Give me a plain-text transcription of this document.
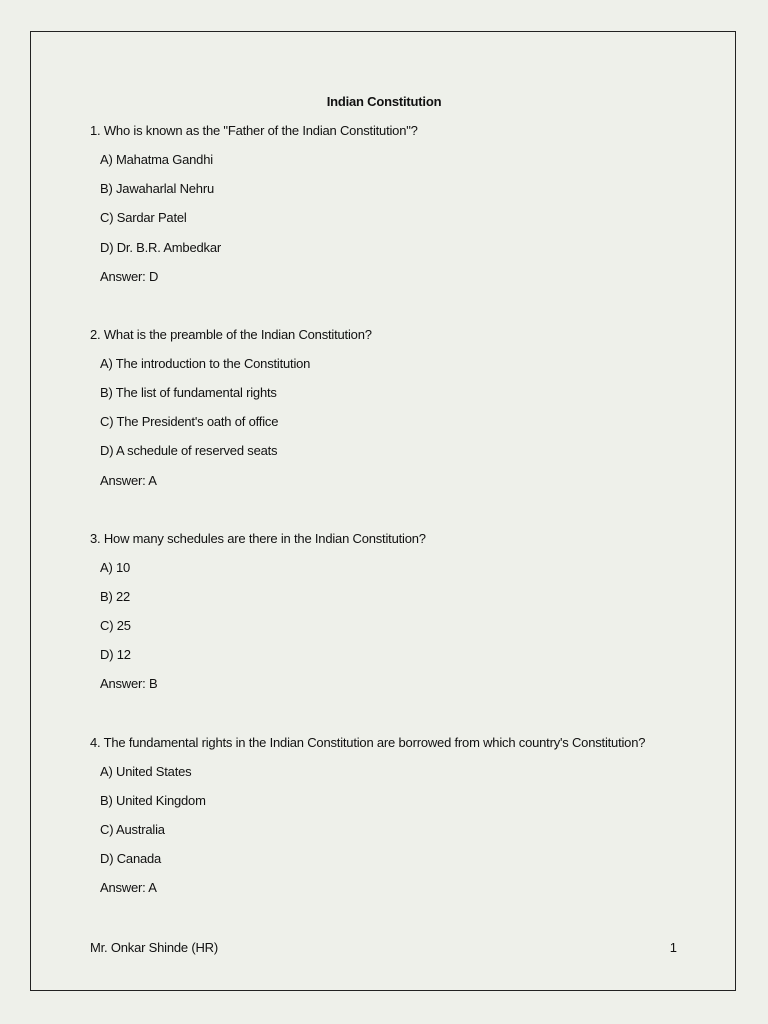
Indian Constitution
1. Who is known as the "Father of the Indian Constitution"?
A) Mahatma Gandhi
B) Jawaharlal Nehru
C) Sardar Patel
D) Dr. B.R. Ambedkar
Answer: D
2. What is the preamble of the Indian Constitution?
A) The introduction to the Constitution
B) The list of fundamental rights
C) The President's oath of office
D) A schedule of reserved seats
Answer: A
3. How many schedules are there in the Indian Constitution?
A) 10
B) 22
C) 25
D) 12
Answer: B
4. The fundamental rights in the Indian Constitution are borrowed from which country's Constitution?
A) United States
B) United Kingdom
C) Australia
D) Canada
Answer: A
Mr. Onkar Shinde (HR)	1
